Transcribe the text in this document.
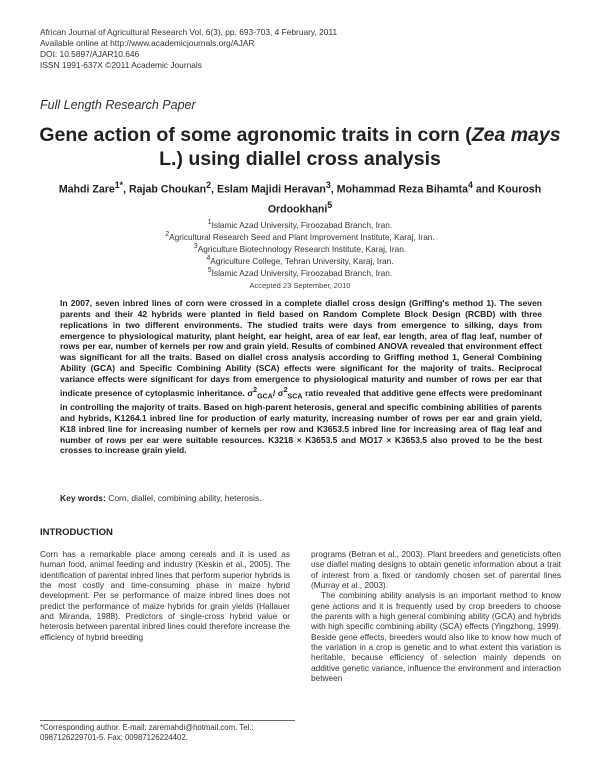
African Journal of Agricultural Research Vol. 6(3), pp. 693-703, 4 February, 2011
Available online at http://www.academicjournals.org/AJAR
DOI: 10.5897/AJAR10.646
ISSN 1991-637X ©2011 Academic Journals
Full Length Research Paper
Gene action of some agronomic traits in corn (Zea mays L.) using diallel cross analysis
Mahdi Zare$^{1*}$, Rajab Choukan$^2$, Eslam Majidi Heravan$^3$, Mohammad Reza Bihamta$^4$ and Kourosh Ordookhani$^5$
$^1$Islamic Azad University, Firoozabad Branch, Iran.
$^2$Agricultural Research Seed and Plant Improvement Institute, Karaj, Iran.
$^3$Agriculture Biotechnology Research Institute, Karaj, Iran.
$^4$Agriculture College, Tehran University, Karaj, Iran.
$^5$Islamic Azad University, Firoozabad Branch, Iran.
Accepted 23 September, 2010
In 2007, seven inbred lines of corn were crossed in a complete diallel cross design (Griffing's method 1). The seven parents and their 42 hybrids were planted in field based on Random Complete Block Design (RCBD) with three replications in two different environments. The studied traits were days from emergence to silking, days from emergence to physiological maturity, plant height, ear height, area of ear leaf, ear length, area of flag leaf, number of rows per ear, number of kernels per row and grain yield. Results of combined ANOVA revealed that environment effect was significant for all the traits. Based on diallel cross analysis according to Griffing method 1, General Combining Ability (GCA) and Specific Combining Ability (SCA) effects were significant for the majority of traits. Reciprocal variance effects were significant for days from emergence to physiological maturity and number of rows per ear that indicate presence of cytoplasmic inheritance. $\sigma^2_{GCA}/$ $\sigma^2_{SCA}$ ratio revealed that additive gene effects were predominant in controlling the majority of traits. Based on high-parent heterosis, general and specific combining abilities of parents and hybrids, K1264.1 inbred line for production of early maturity, increasing number of rows per ear and grain yield, K18 inbred line for increasing number of kernels per row and K3653.5 inbred line for increasing area of flag leaf and number of rows per ear were suitable resources. K3218 × K3653.5 and MO17 × K3653.5 also proved to be the best crosses to increase grain yield.
Key words: Corn, diallel, combining ability, heterosis.
INTRODUCTION

Corn has a remarkable place among cereals and it is used as human food, animal feeding and industry (Keskin et al., 2005). The identification of parental inbred lines that perform superior hybrids is the most costly and time-consuming phase in maize hybrid development. Per se performance of maize inbred lines does not predict the performance of maize hybrids for grain yields (Hallauer and Miranda, 1988). Predictors of single-cross hybrid value or heterosis between parental inbred lines could therefore increase the efficiency of hybrid breeding

programs (Betran et al., 2003). Plant breeders and geneticists often use diallel mating designs to obtain genetic information about a trait of interest from a fixed or randomly chosen set of parental lines (Murray et al., 2003).

The combining ability analysis is an important method to know gene actions and it is frequently used by crop breeders to choose the parents with a high general combining ability (GCA) and hybrids with high specific combining ability (SCA) effects (Yingzhong, 1999). Beside gene effects, breeders would also like to know how much of the variation in a crop is genetic and to what extent this variation is heritable, because efficiency of selection mainly depends on additive genetic variance, influence the environment and interaction between

*Corresponding author. E-mail: zaremahdi@hotmail.com. Tel.: 0987126229701-5. Fax: 00987126224402.
